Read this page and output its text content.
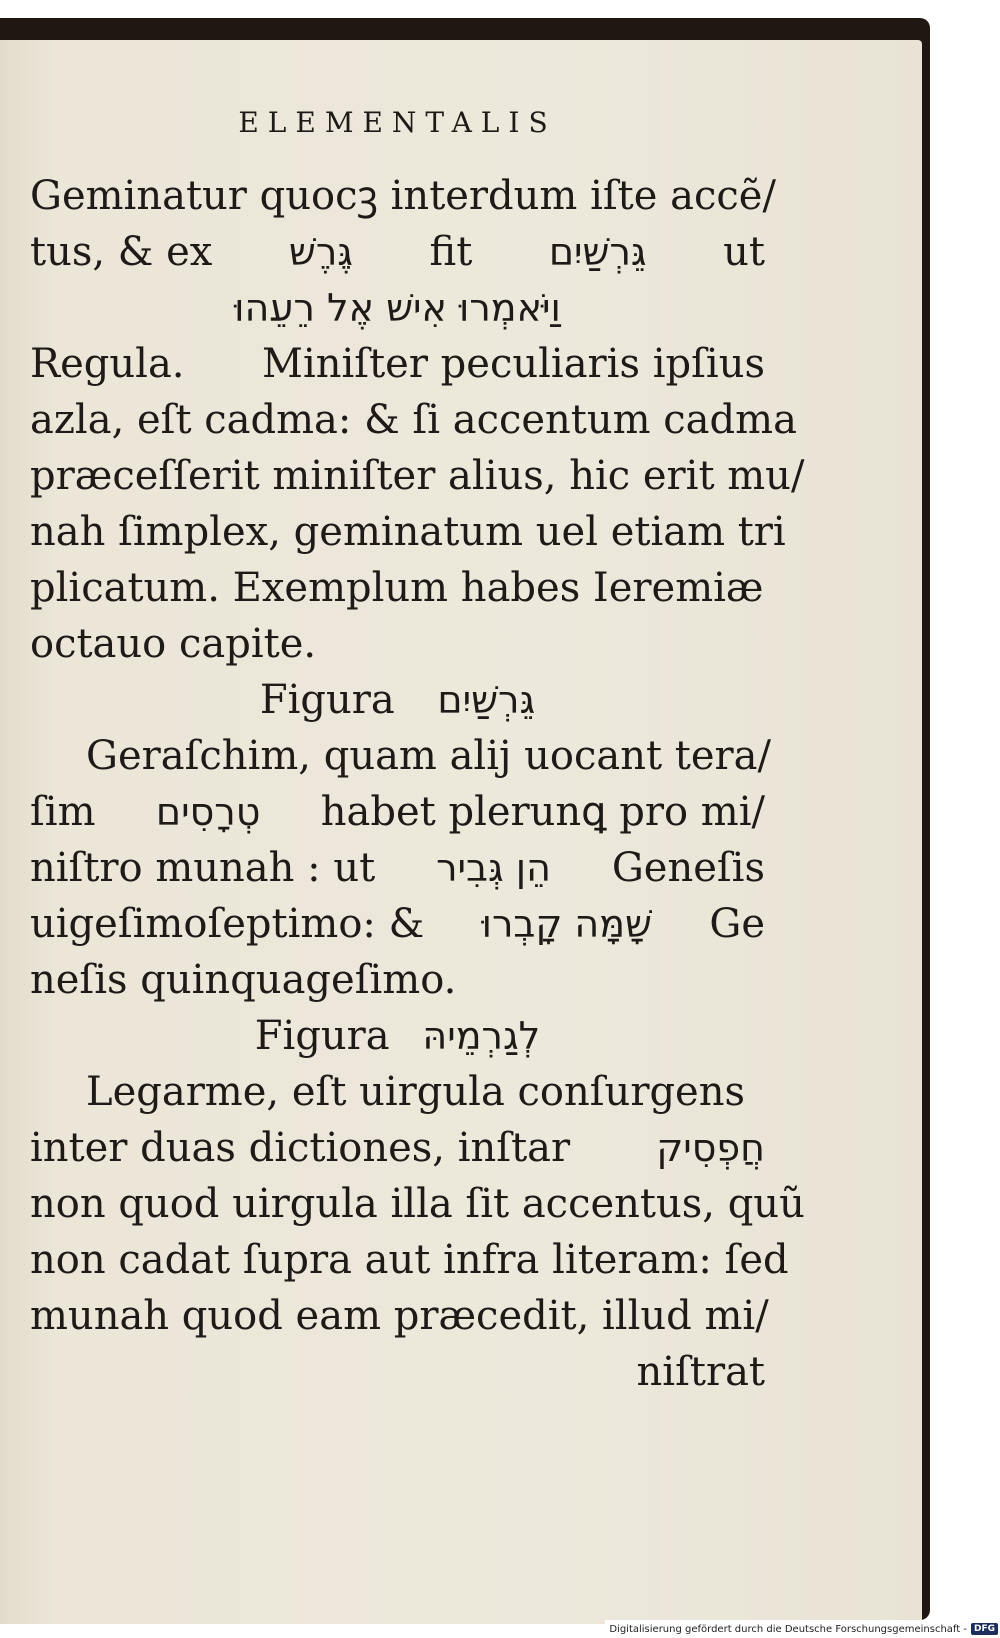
ELEMENTALIS
Geminatur quocꝫ interdum iſte accẽ/
tus, & ex גֶּרֶשׁ fit גֵּרְשַׁיִם ut
וַיֹּאמְרוּ אִישׁ אֶל רֵעֵהוּ
Regula. Miniſter peculiaris ipſius
azla, eſt cadma: & ſi accentum cadma
præceſſerit miniſter alius, hic erit mu/
nah ſimplex, geminatum uel etiam tri
plicatum. Exemplum habes Ieremiæ
octauo capite.
Figura גֵּרְשַׁיִם
Geraſchim, quam alij uocant tera/
ſim טְרָסִים habet plerunꝗ pro mi/
niſtro munah : ut הֵן גְּבִיר Geneſis
uigeſimoſeptimo: & שָׁמָּה קָבְרוּ Ge
neſis quinquageſimo.
Figura לְגַרְמֵיהּ
Legarme, eſt uirgula conſurgens
inter duas dictiones, inſtar חֲפְסִיק
non quod uirgula illa ſit accentus, quũ
non cadat ſupra aut infra literam: ſed
munah quod eam præcedit, illud mi/
niſtrat
Digitalisierung gefördert durch die Deutsche Forschungsgemeinschaft - DFG
